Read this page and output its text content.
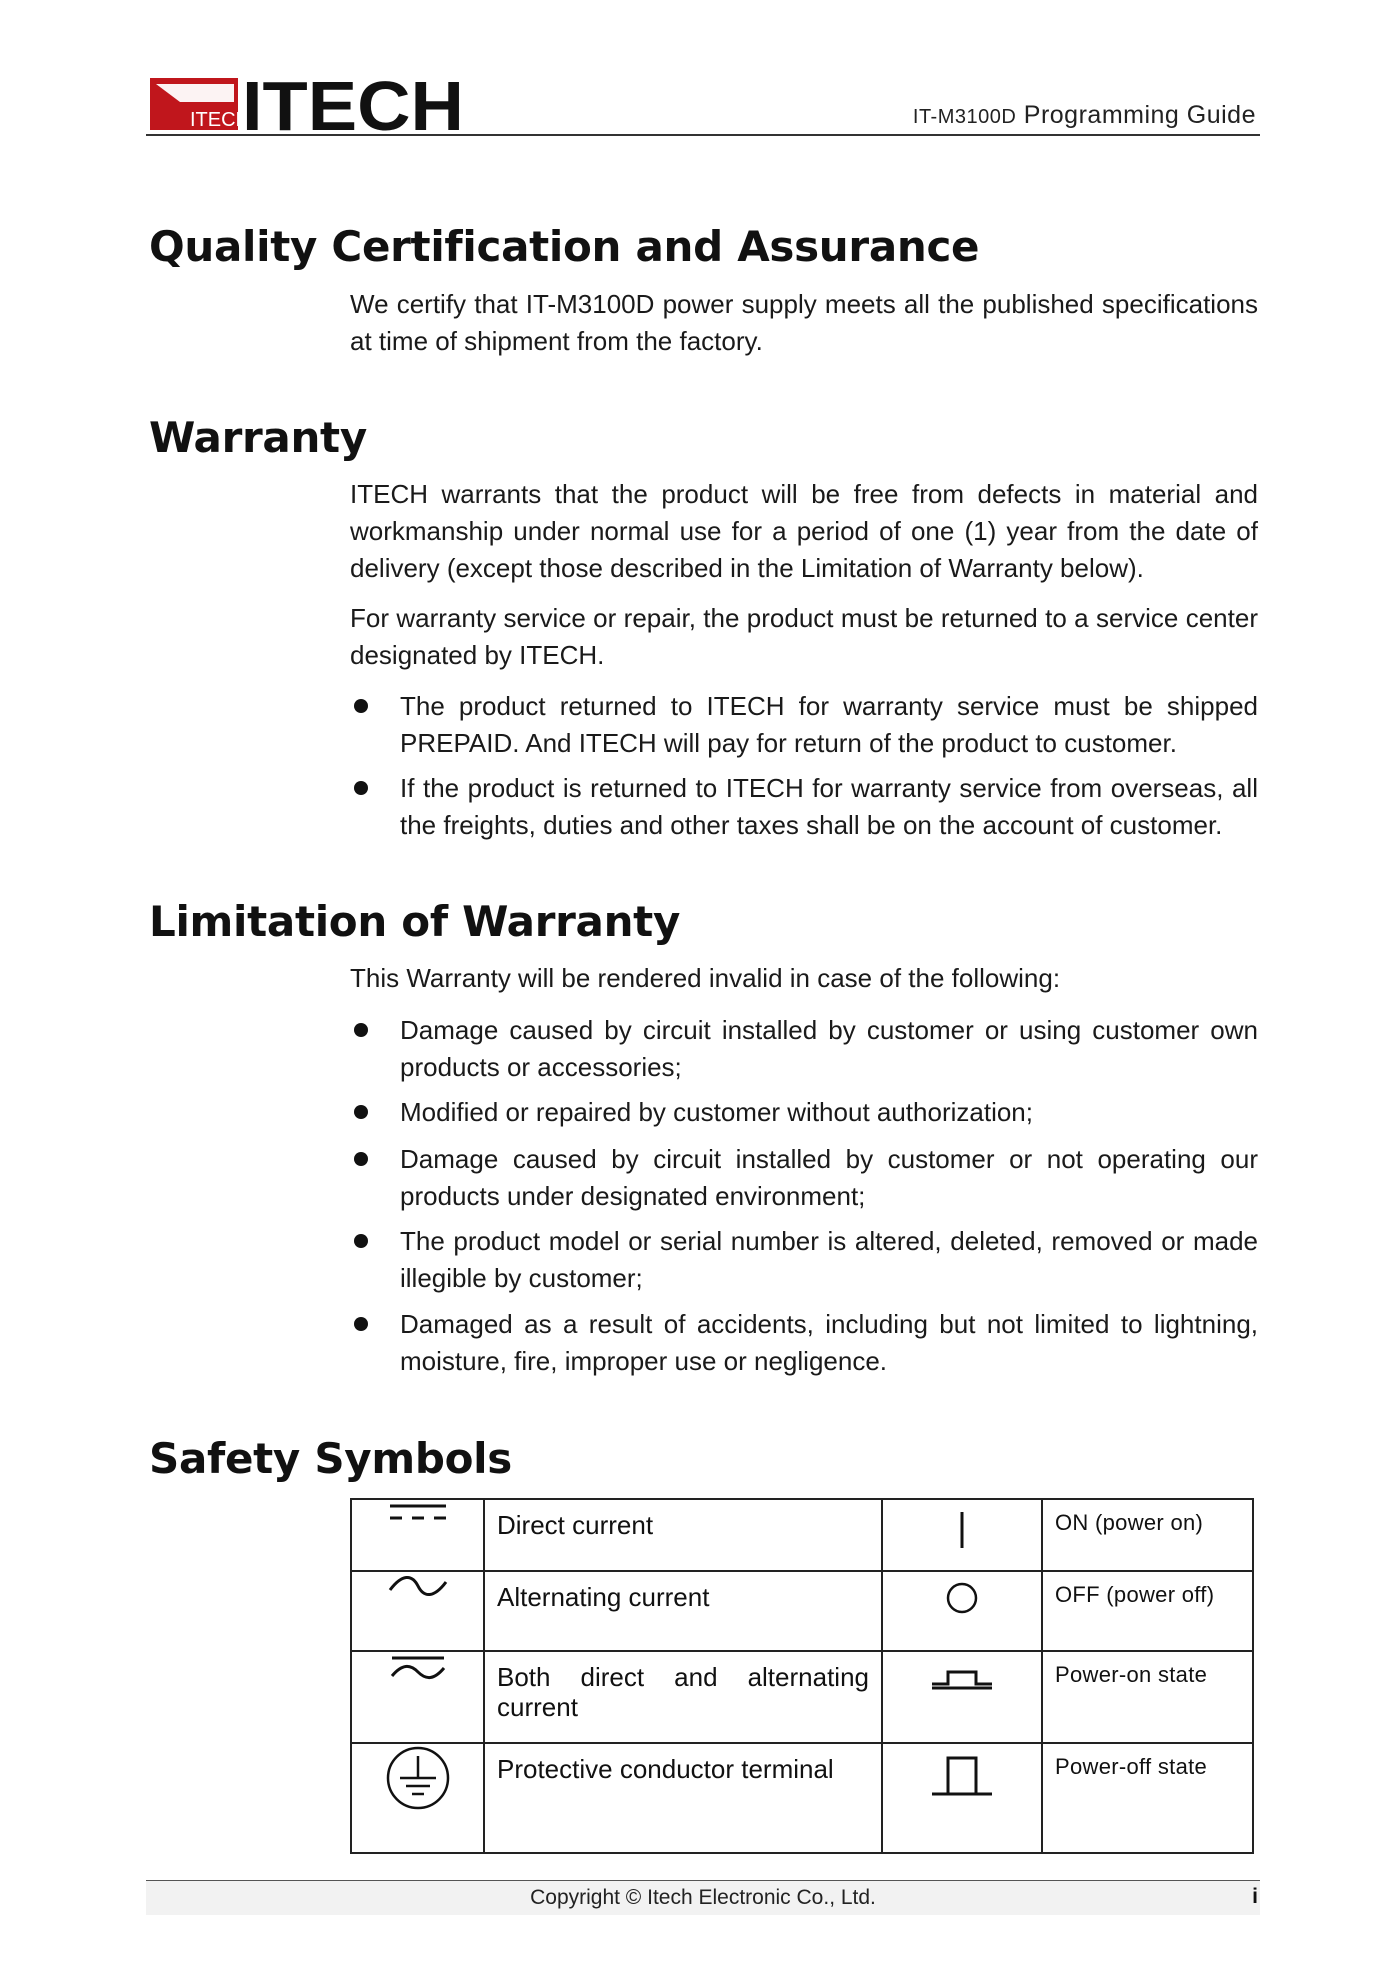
ITECH
ITECH	IT-M3100D Programming Guide
Quality Certification and Assurance

We certify that IT-M3100D power supply meets all the published specifications at time of shipment from the factory.

Warranty

ITECH warrants that the product will be free from defects in material and workmanship under normal use for a period of one (1) year from the date of delivery (except those described in the Limitation of Warranty below).

For warranty service or repair, the product must be returned to a service center designated by ITECH.

The product returned to ITECH for warranty service must be shipped PREPAID. And ITECH will pay for return of the product to customer.
If the product is returned to ITECH for warranty service from overseas, all the freights, duties and other taxes shall be on the account of customer.
Limitation of Warranty

This Warranty will be rendered invalid in case of the following:

Damage caused by circuit installed by customer or using customer own products or accessories;
Modified or repaired by customer without authorization;
Damage caused by circuit installed by customer or not operating our products under designated environment;
The product model or serial number is altered, deleted, removed or made illegible by customer;
Damaged as a result of accidents, including but not limited to lightning, moisture, fire, improper use or negligence.
Safety Symbols
	Direct current		ON (power on)

	Alternating current		OFF (power off)

	Both direct and alternating current		Power-on state

	Protective conductor terminal		Power-off state
Copyright © Itech Electronic Co., Ltd.	i
